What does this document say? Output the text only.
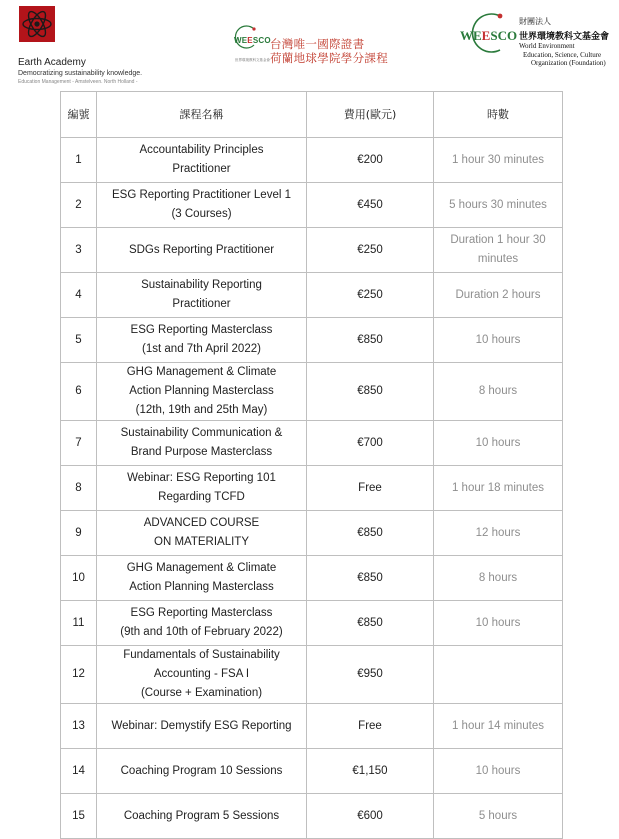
Earth Academy
Democratizing sustainability knowledge.
Education Management - Amstelveen. North Holland -
WEESCO
世界環境教科文基金會
台灣唯一國際證書
荷蘭地球學院學分課程
WEESCO
財團法人
世界環境教科文基金會
World Environment
Education, Science, Culture
Organization (Foundation)
編號	課程名稱	費用(歐元)	時數
1	Accountability Principles
Practitioner	€200	1 hour 30 minutes

2	ESG Reporting Practitioner Level 1
(3 Courses)	€450	5 hours 30 minutes

3	SDGs Reporting Practitioner	€250	Duration 1 hour 30
minutes

4	Sustainability Reporting
Practitioner	€250	Duration 2 hours

5	ESG Reporting Masterclass
(1st and 7th April 2022)	€850	10 hours

6	GHG Management & Climate
Action Planning Masterclass
(12th, 19th and 25th May)	€850	8 hours

7	Sustainability Communication &
Brand Purpose Masterclass	€700	10 hours

8	Webinar: ESG Reporting 101
Regarding TCFD	Free	1 hour 18 minutes

9	ADVANCED COURSE
ON MATERIALITY	€850	12 hours

10	GHG Management & Climate
Action Planning Masterclass	€850	8 hours

11	ESG Reporting Masterclass
(9th and 10th of February 2022)	€850	10 hours

12	Fundamentals of Sustainability
Accounting - FSA I
(Course + Examination)	€950	
13	Webinar: Demystify ESG Reporting	Free	1 hour 14 minutes

14	Coaching Program 10 Sessions	€1,150	10 hours

15	Coaching Program 5 Sessions	€600	5 hours
